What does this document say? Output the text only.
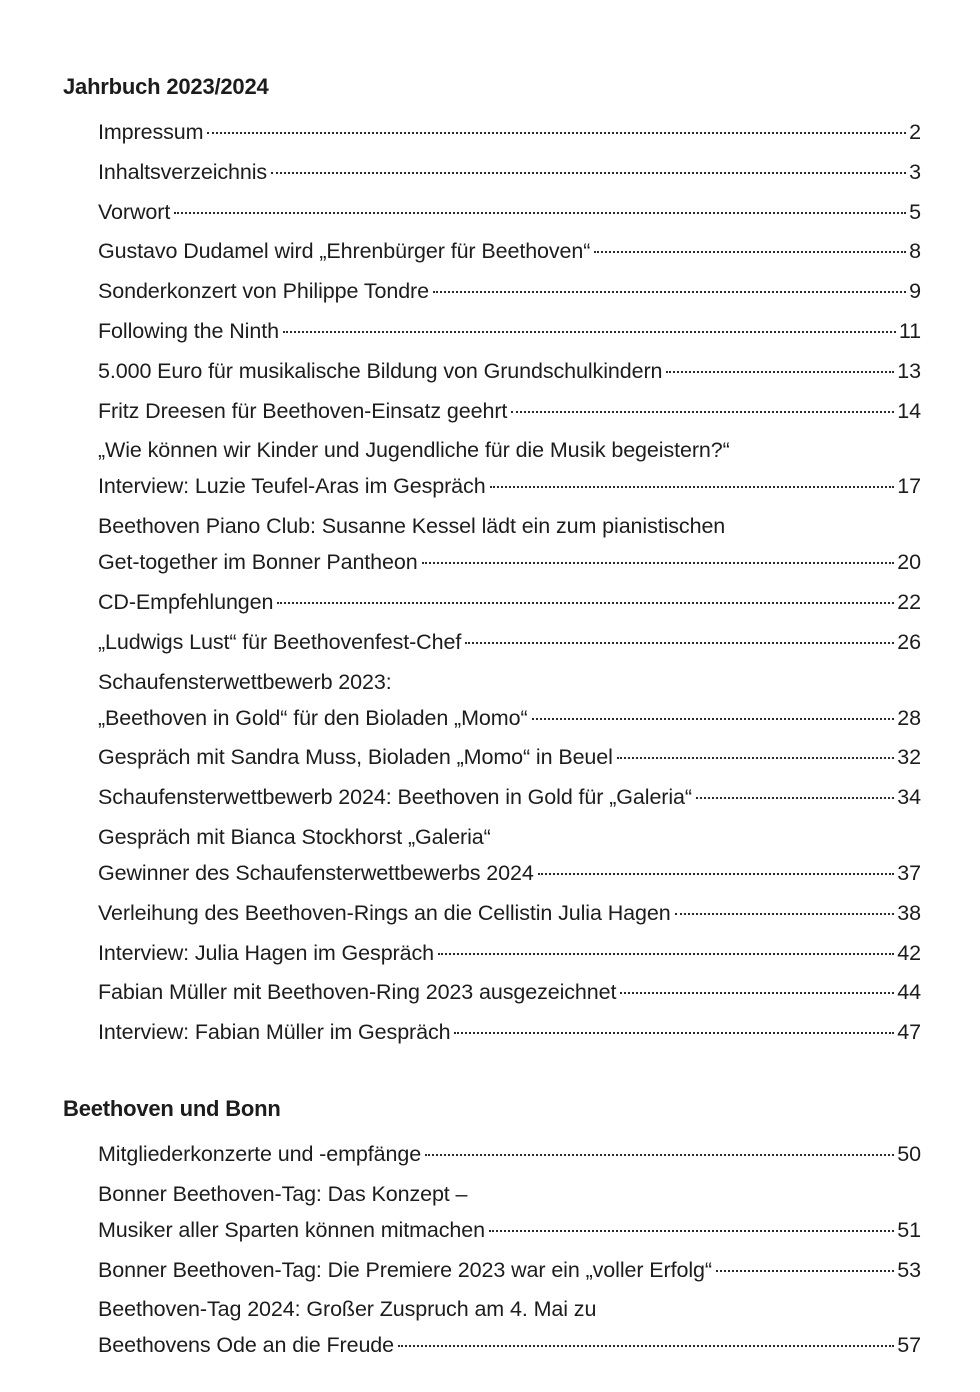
Jahrbuch 2023/2024
Impressum	2
Inhaltsverzeichnis	3
Vorwort	5
Gustavo Dudamel wird „Ehrenbürger für Beethoven“	8
Sonderkonzert von Philippe Tondre	9
Following the Ninth	11
5.000 Euro für musikalische Bildung von Grundschulkindern	13
Fritz Dreesen für Beethoven-Einsatz geehrt	14
„Wie können wir Kinder und Jugendliche für die Musik begeistern?“
Interview: Luzie Teufel-Aras im Gespräch	17
Beethoven Piano Club: Susanne Kessel lädt ein zum pianistischen
Get-together im Bonner Pantheon	20
CD-Empfehlungen	22
„Ludwigs Lust“ für Beethovenfest-Chef	26
Schaufensterwettbewerb 2023:
„Beethoven in Gold“ für den Bioladen „Momo“	28
Gespräch mit Sandra Muss, Bioladen „Momo“ in Beuel	32
Schaufensterwettbewerb 2024: Beethoven in Gold für „Galeria“	34
Gespräch mit Bianca Stockhorst „Galeria“
Gewinner des Schaufensterwettbewerbs 2024	37
Verleihung des Beethoven-Rings an die Cellistin Julia Hagen	38
Interview: Julia Hagen im Gespräch	42
Fabian Müller mit Beethoven-Ring 2023 ausgezeichnet	44
Interview: Fabian Müller im Gespräch	47
Beethoven und Bonn
Mitgliederkonzerte und -empfänge	50
Bonner Beethoven-Tag: Das Konzept –
Musiker aller Sparten können mitmachen	51
Bonner Beethoven-Tag: Die Premiere 2023 war ein „voller Erfolg“	53
Beethoven-Tag 2024: Großer Zuspruch am 4. Mai zu
Beethovens Ode an die Freude	57
